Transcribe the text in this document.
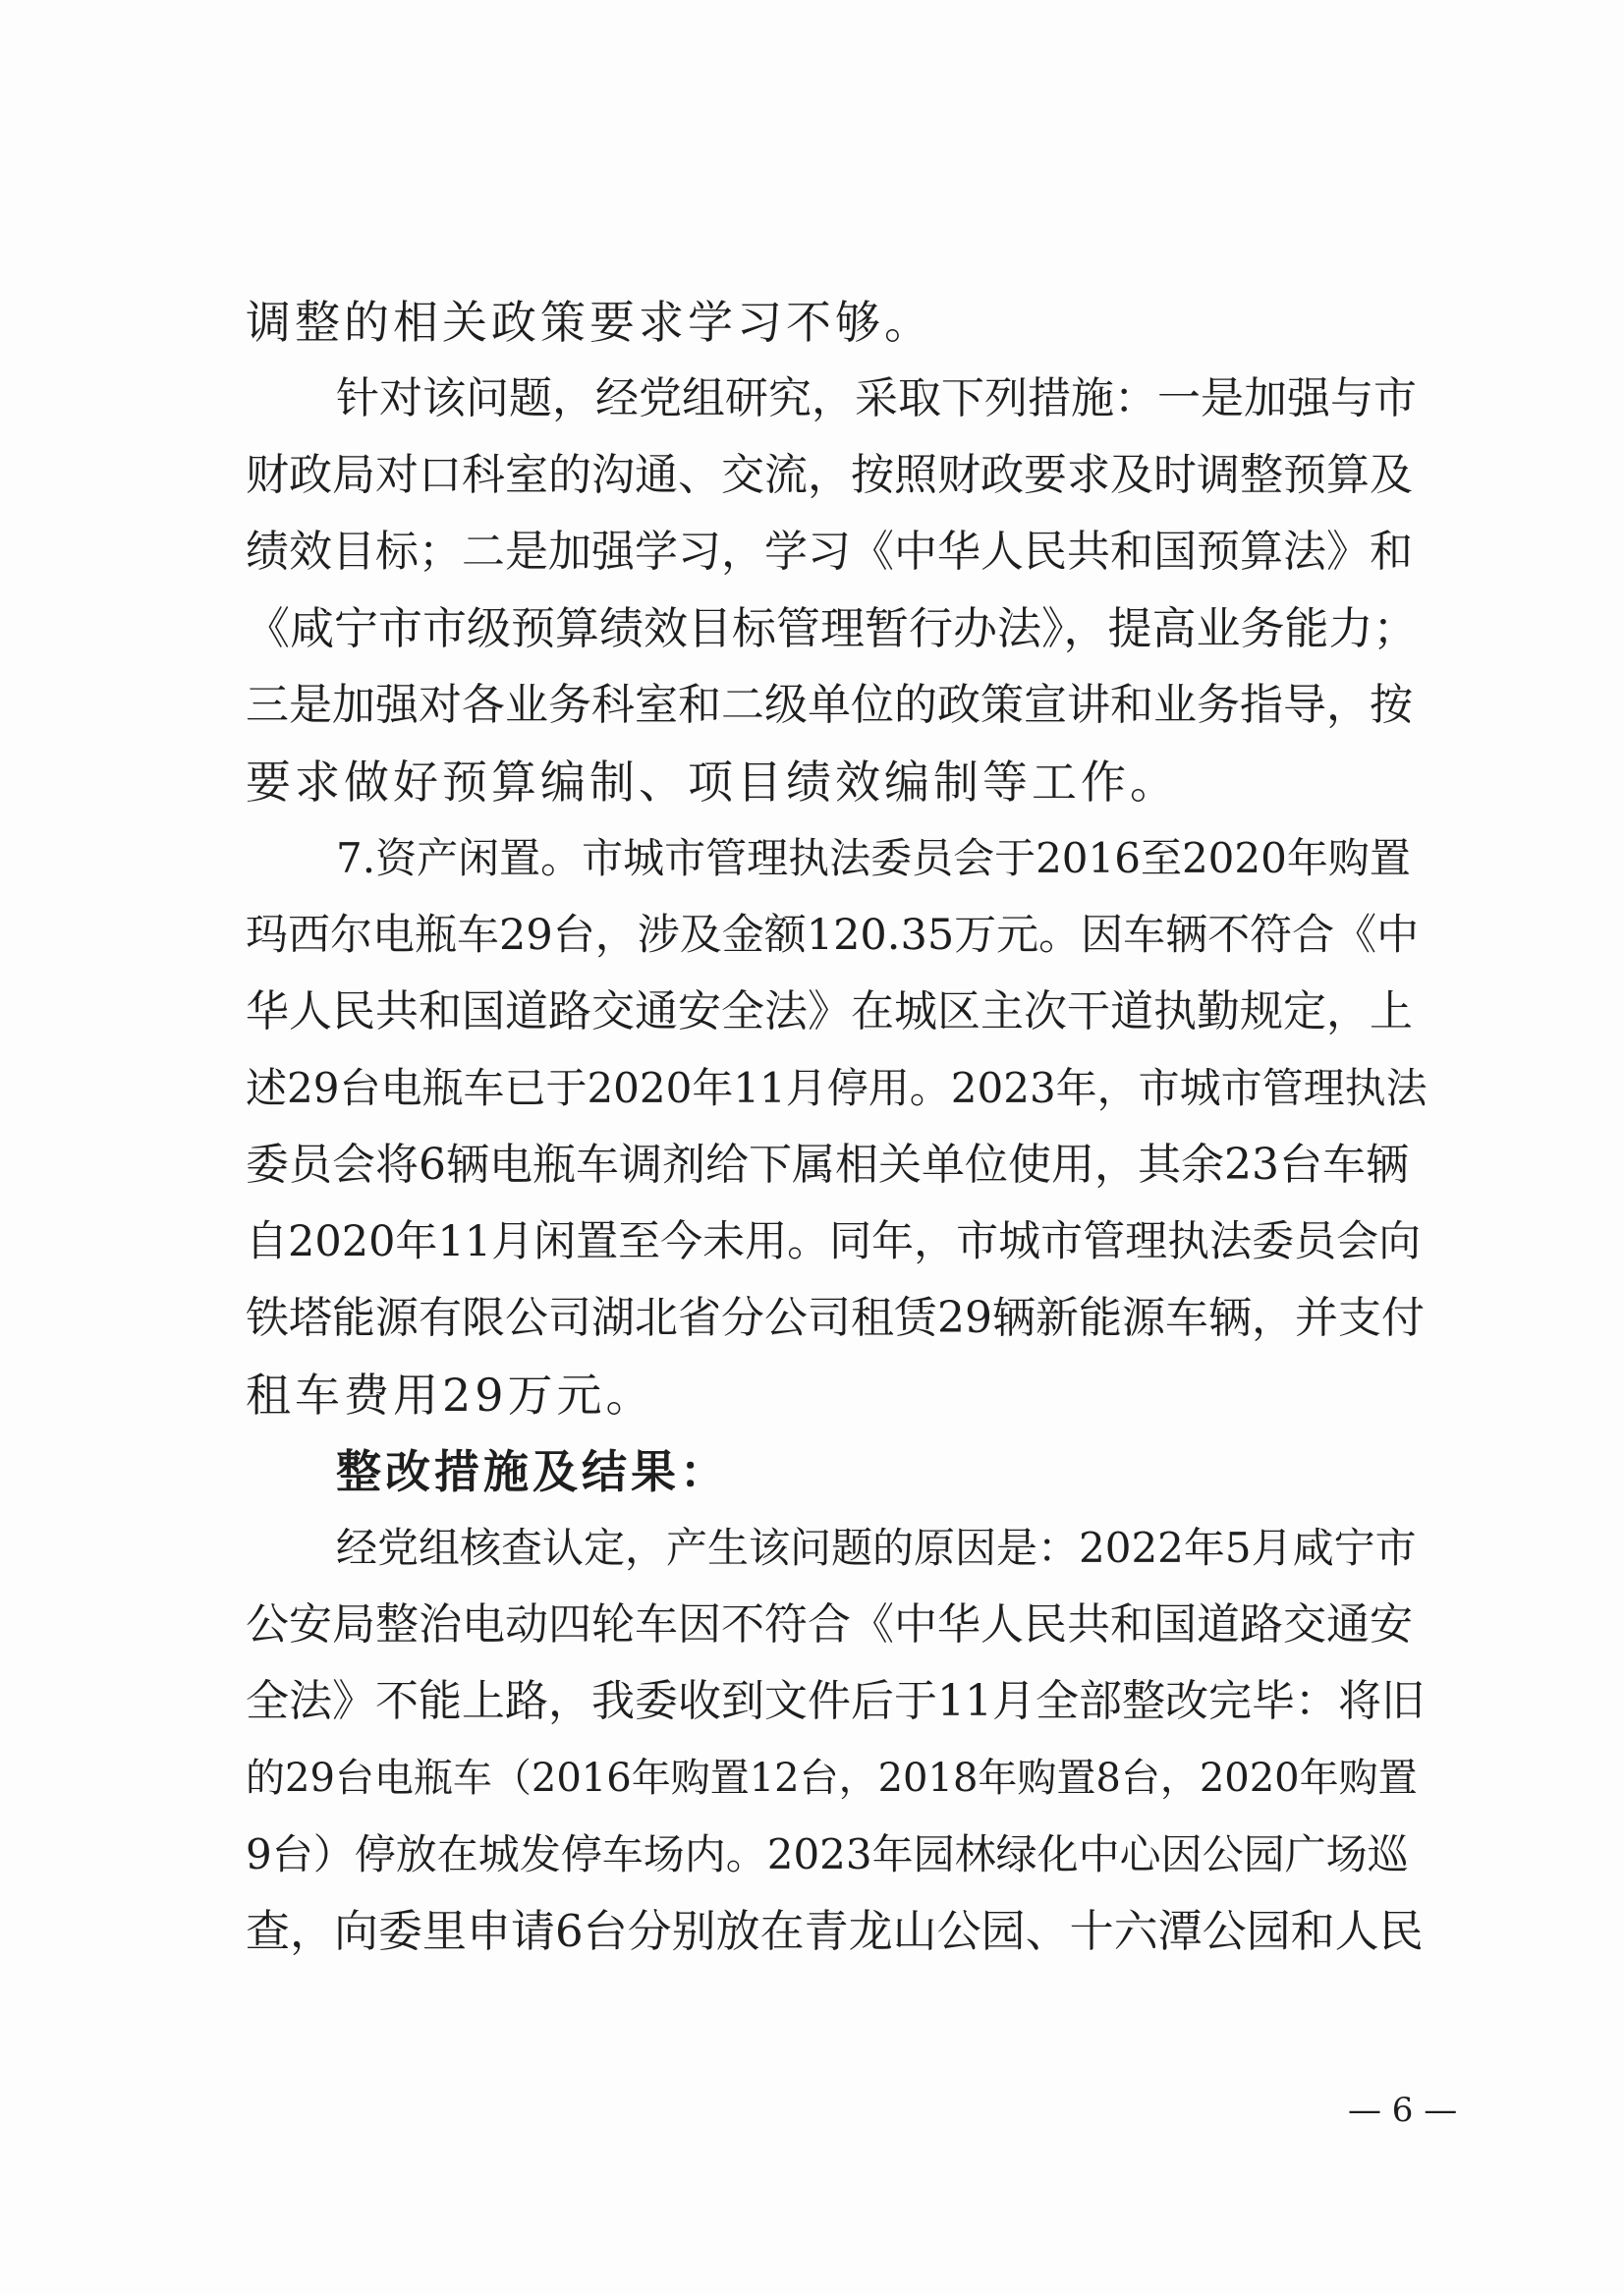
调整的相关政策要求学习不够。
针对该问题，经党组研究，采取下列措施：一是加强与市
财政局对口科室的沟通、交流，按照财政要求及时调整预算及
绩效目标；二是加强学习，学习《中华人民共和国预算法》和
《咸宁市市级预算绩效目标管理暂行办法》，提高业务能力；
三是加强对各业务科室和二级单位的政策宣讲和业务指导，按
要求做好预算编制、项目绩效编制等工作。
7.资产闲置。市城市管理执法委员会于2016至2020年购置
玛西尔电瓶车29台，涉及金额120.35万元。因车辆不符合《中
华人民共和国道路交通安全法》在城区主次干道执勤规定，上
述29台电瓶车已于2020年11月停用。2023年，市城市管理执法
委员会将6辆电瓶车调剂给下属相关单位使用，其余23台车辆
自2020年11月闲置至今未用。同年，市城市管理执法委员会向
铁塔能源有限公司湖北省分公司租赁29辆新能源车辆，并支付
租车费用29万元。
整改措施及结果：
经党组核查认定，产生该问题的原因是：2022年5月咸宁市
公安局整治电动四轮车因不符合《中华人民共和国道路交通安
全法》不能上路，我委收到文件后于11月全部整改完毕：将旧
的29台电瓶车（2016年购置12台，2018年购置8台，2020年购置
9台）停放在城发停车场内。2023年园林绿化中心因公园广场巡
查，向委里申请6台分别放在青龙山公园、十六潭公园和人民
— 6 —
